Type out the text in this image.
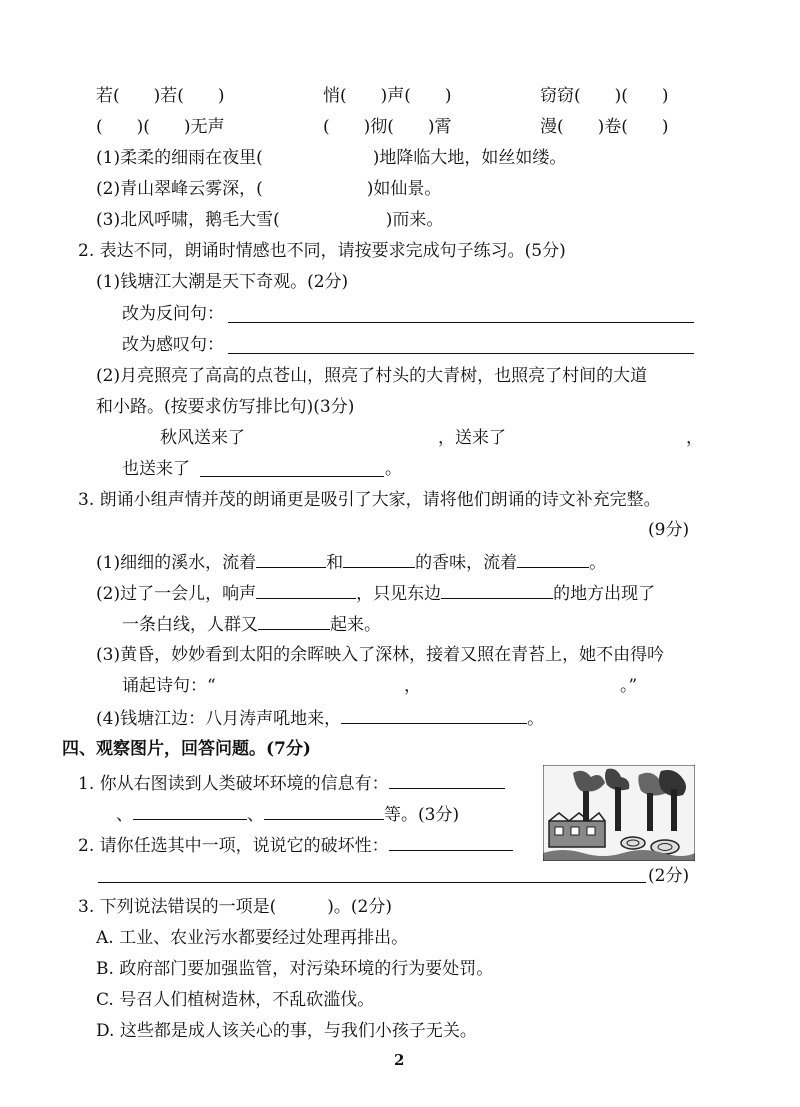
若(　　)若(　　)	悄(　　)声(　　)	窃窃(　　)(　　)
(　　)(　　)无声	(　　)彻(　　)霄	漫(　　)卷(　　)
(1)柔柔的细雨在夜里(	)地降临大地，如丝如缕。
(2)青山翠峰云雾深，(	)如仙景。
(3)北风呼啸，鹅毛大雪(	)而来。
2. 表达不同，朗诵时情感也不同，请按要求完成句子练习。(5分)
(1)钱塘江大潮是天下奇观。(2分)
改为反问句：
改为感叹句：
(2)月亮照亮了高高的点苍山，照亮了村头的大青树，也照亮了村间的大道
和小路。(按要求仿写排比句)(3分)
秋风送来了	，送来了	，
也送来了	。
3. 朗诵小组声情并茂的朗诵更是吸引了大家，请将他们朗诵的诗文补充完整。
(9分)
(1)细细的溪水，流着	和	的香味，流着	。
(2)过了一会儿，响声	，只见东边	的地方出现了
一条白线，人群又	起来。
(3)黄昏，妙妙看到太阳的余晖映入了深林，接着又照在青苔上，她不由得吟
诵起诗句：“	，	。”
(4)钱塘江边：八月涛声吼地来，	。
四、观察图片，回答问题。(7分)
1. 你从右图读到人类破坏环境的信息有：
、	、	等。(3分)
2. 请你任选其中一项，说说它的破坏性：
(2分)
3. 下列说法错误的一项是(　　　)。(2分)
A. 工业、农业污水都要经过处理再排出。
B. 政府部门要加强监管，对污染环境的行为要处罚。
C. 号召人们植树造林，不乱砍滥伐。
D. 这些都是成人该关心的事，与我们小孩子无关。
2
